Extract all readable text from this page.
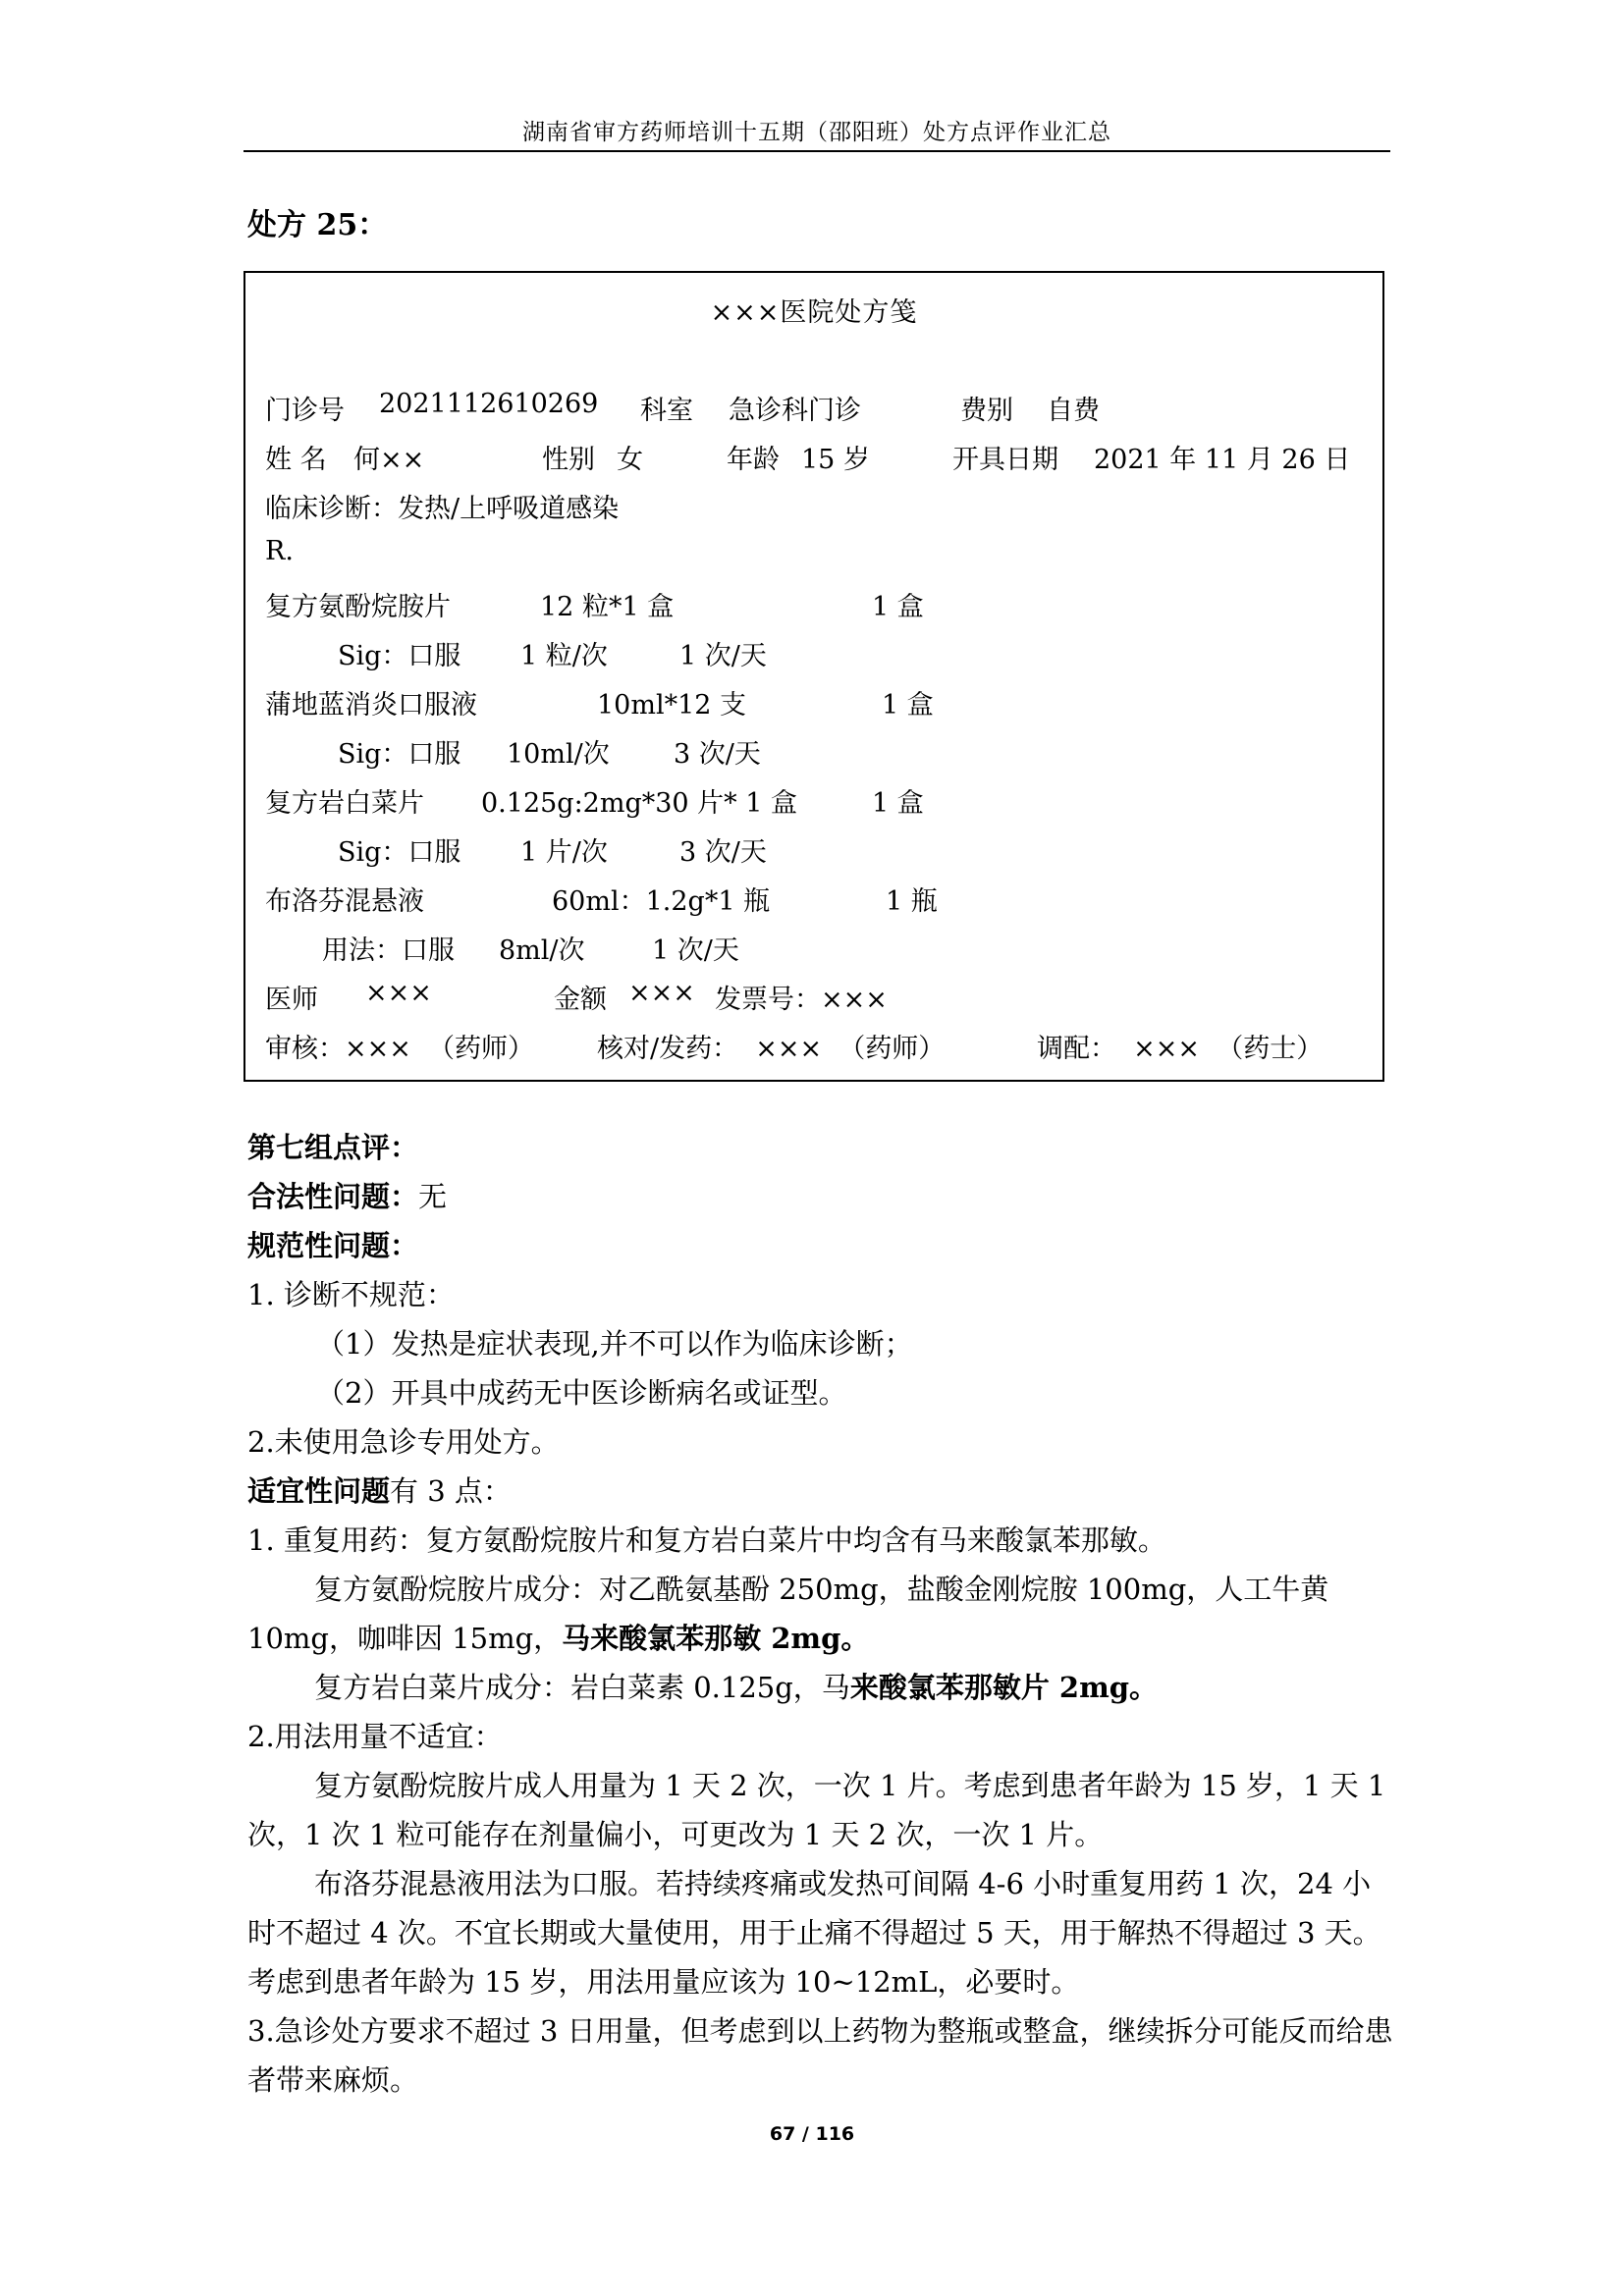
湖南省审方药师培训十五期（邵阳班）处方点评作业汇总
处方 25：
×××医院处方笺
门诊号 2021112610269 科室 急诊科门诊	费别 自费
姓 名 何××	性别 女	年龄 15 岁	开具日期 2021 年 11 月 26 日
临床诊断：发热/上呼吸道感染
R.
复方氨酚烷胺片	12 粒*1 盒	1 盒
Sig：口服 1 粒/次	1 次/天
蒲地蓝消炎口服液	10ml*12 支	1 盒
Sig：口服 10ml/次 3 次/天
复方岩白菜片 0.125g:2mg*30 片* 1 盒	1 盒
Sig：口服 1 片/次	3 次/天
布洛芬混悬液	60ml：1.2g*1 瓶	1 瓶
用法：口服 8ml/次	1 次/天
医师 ×××	金额 ××× 发票号：×××
审核：×××  （药师） 核对/发药：  ×××  （药师）	调配：  ×××  （药士）
第七组点评：
合法性问题：无
规范性问题：
1. 诊断不规范：
（1）发热是症状表现,并不可以作为临床诊断；
（2）开具中成药无中医诊断病名或证型。
2.未使用急诊专用处方。
适宜性问题有 3 点：
1. 重复用药：复方氨酚烷胺片和复方岩白菜片中均含有马来酸氯苯那敏。
复方氨酚烷胺片成分：对乙酰氨基酚 250mg，盐酸金刚烷胺 100mg，人工牛黄 10mg，咖啡因 15mg，马来酸氯苯那敏 2mg。
复方岩白菜片成分：岩白菜素 0.125g，马来酸氯苯那敏片 2mg。
2.用法用量不适宜：
复方氨酚烷胺片成人用量为 1 天 2 次，一次 1 片。考虑到患者年龄为 15 岁，1 天 1 次，1 次 1 粒可能存在剂量偏小，可更改为 1 天 2 次，一次 1 片。
布洛芬混悬液用法为口服。若持续疼痛或发热可间隔 4-6 小时重复用药 1 次，24 小时不超过 4 次。不宜长期或大量使用，用于止痛不得超过 5 天，用于解热不得超过 3 天。考虑到患者年龄为 15 岁，用法用量应该为 10~12mL，必要时。
3.急诊处方要求不超过 3 日用量，但考虑到以上药物为整瓶或整盒，继续拆分可能反而给患者带来麻烦。
67 / 116
